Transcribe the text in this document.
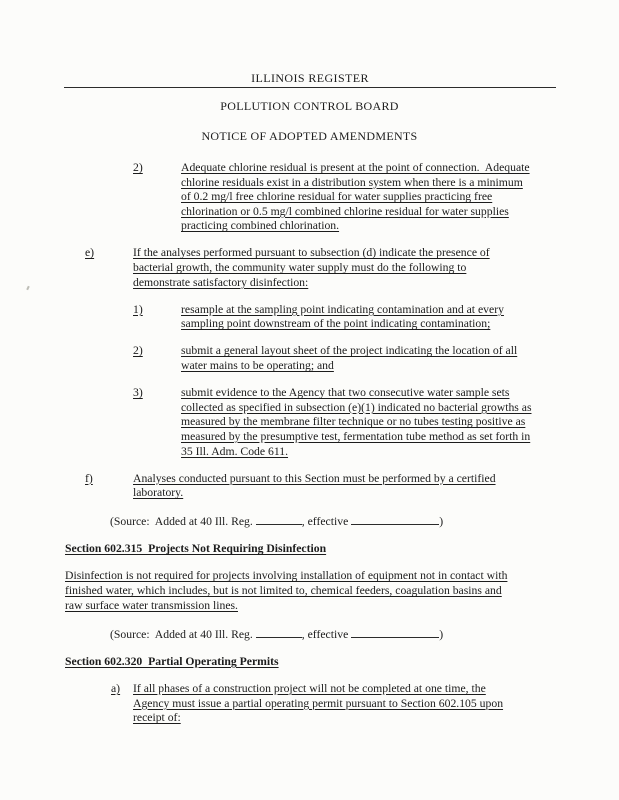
ILLINOIS REGISTER
POLLUTION CONTROL BOARD
NOTICE OF ADOPTED AMENDMENTS
2)	Adequate chlorine residual is present at the point of connection.  Adequate
chlorine residuals exist in a distribution system when there is a minimum
of 0.2 mg/l free chlorine residual for water supplies practicing free
chlorination or 0.5 mg/l combined chlorine residual for water supplies
practicing combined chlorination.
e)	If the analyses performed pursuant to subsection (d) indicate the presence of
bacterial growth, the community water supply must do the following to
demonstrate satisfactory disinfection:
1)	resample at the sampling point indicating contamination and at every
sampling point downstream of the point indicating contamination;
2)	submit a general layout sheet of the project indicating the location of all
water mains to be operating; and
3)	submit evidence to the Agency that two consecutive water sample sets
collected as specified in subsection (e)(1) indicated no bacterial growths as
measured by the membrane filter technique or no tubes testing positive as
measured by the presumptive test, fermentation tube method as set forth in
35 Ill. Adm. Code 611.
f)	Analyses conducted pursuant to this Section must be performed by a certified
laboratory.
(Source:  Added at 40 Ill. Reg.	, effective	)
Section 602.315  Projects Not Requiring Disinfection
Disinfection is not required for projects involving installation of equipment not in contact with
finished water, which includes, but is not limited to, chemical feeders, coagulation basins and
raw surface water transmission lines.
(Source:  Added at 40 Ill. Reg.	, effective	)
Section 602.320  Partial Operating Permits
a)	If all phases of a construction project will not be completed at one time, the
Agency must issue a partial operating permit pursuant to Section 602.105 upon
receipt of:
